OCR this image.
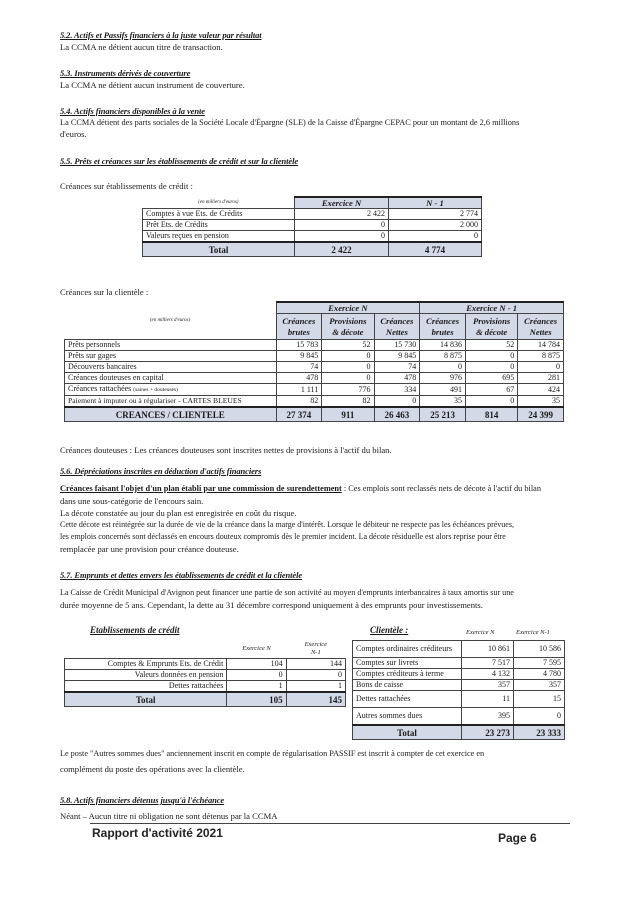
5.2. Actifs et Passifs financiers à la juste valeur par résultat
La CCMA ne détient aucun titre de transaction.
5.3. Instruments dérivés de couverture
La CCMA ne détient aucun instrument de couverture.
5.4. Actifs financiers disponibles à la vente
La CCMA détient des parts sociales de la Société Locale d'Épargne (SLE) de la Caisse d'Épargne CEPAC pour un montant de 2,6 millions
d'euros.
5.5. Prêts et créances sur les établissements de crédit et sur la clientèle
Créances sur établissements de crédit :
(en milliers d'euros)	Exercice N	N - 1
Comptes à vue Ets. de Crédits	2 422	2 774
Prêt Ets. de Crédits	0	2 000
Valeurs reçues en pension	0	0
Total	2 422	4 774
Créances sur la clientèle :
(en milliers d'euros)	Exercice N			Exercice N - 1		
	Créances brutes	Provisions & décote	Créances Nettes	Créances brutes	Provisions & décote	Créances Nettes
Prêts personnels	15 783	52	15 730	14 836	52	14 784
Prêts sur gages	9 845	0	9 845	8 875	0	8 875
Découverts bancaires	74	0	74	0	0	0
Créances douteuses en capital	478	0	478	976	695	281
Créances rattachées (saines + douteuses)	1 111	776	334	491	67	424
Paiement à imputer ou à régulariser - CARTES BLEUES	82	82	0	35	0	35
CREANCES / CLIENTELE	27 374	911	26 463	25 213	814	24 399
Créances douteuses : Les créances douteuses sont inscrites nettes de provisions à l'actif du bilan.
5.6. Dépréciations inscrites en déduction d'actifs financiers
Créances faisant l'objet d'un plan établi par une commission de surendettement : Ces emplois sont reclassés nets de décote à l'actif du bilan
dans une sous-catégorie de l'encours sain.
La décote constatée au jour du plan est enregistrée en coût du risque.
Cette décote est réintégrée sur la durée de vie de la créance dans la marge d'intérêt. Lorsque le débiteur ne respecte pas les échéances prévues,
les emplois concernés sont déclassés en encours douteux compromis dès le premier incident. La décote résiduelle est alors reprise pour être
remplacée par une provision pour créance douteuse.
5.7. Emprunts et dettes envers les établissements de crédit et la clientèle
La Caisse de Crédit Municipal d'Avignon peut financer une partie de son activité au moyen d'emprunts interbancaires à taux amortis sur une
durée moyenne de 5 ans. Cependant, la dette au 31 décembre correspond uniquement à des emprunts pour investissements.
Etablissements de crédit
	Exercice N	Exercice
N-1
Comptes & Emprunts Ets. de Crédit	104	144
Valeurs données en pension	0	0
Dettes rattachées	1	1
Total	105	145
Clientèle :	Exercice N	Exercice N-1
Comptes ordinaires créditeurs	10 861	10 586
Comptes sur livrets	7 517	7 595
Comptes créditeurs à terme	4 132	4 780
Bons de caisse	357	357
Dettes rattachées	11	15
Autres sommes dues	395	0
Total	23 273	23 333
Le poste "Autres sommes dues" anciennement inscrit en compte de régularisation PASSIF est inscrit à compter de cet exercice en
complément du poste des opérations avec la clientèle.
5.8. Actifs financiers détenus jusqu'à l'échéance
Néant – Aucun titre ni obligation ne sont détenus par la CCMA
Rapport d'activité 2021	Page 6
